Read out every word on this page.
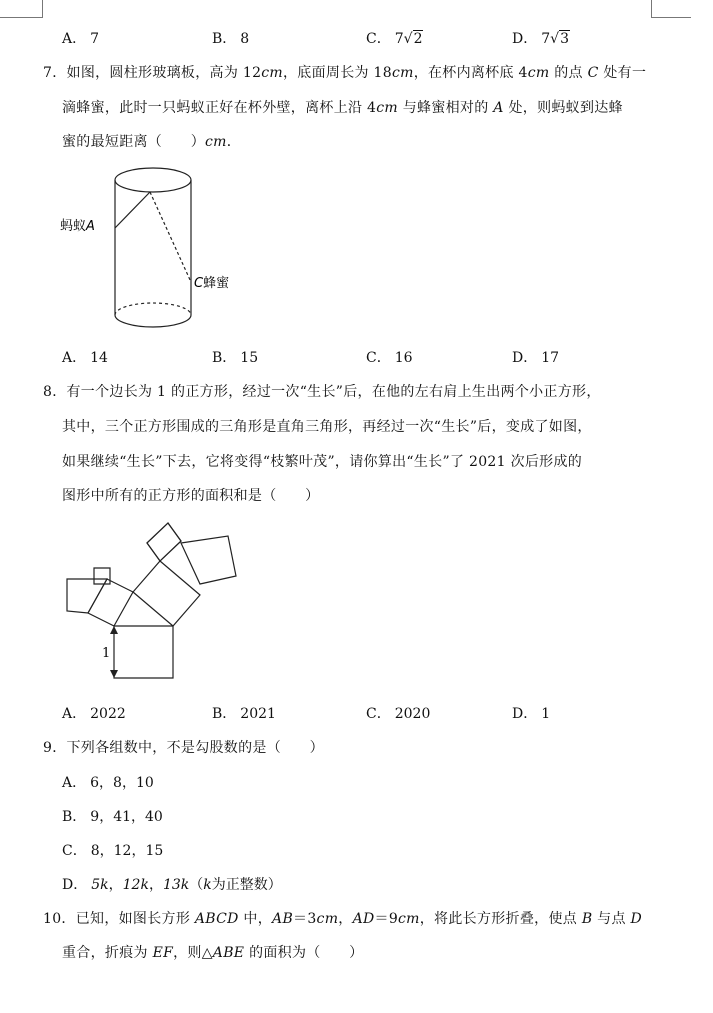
A． 7	B． 8	C． 7√2	D． 7√3
7．如图，圆柱形玻璃板，高为 12cm，底面周长为 18cm，在杯内离杯底 4cm 的点 C 处有一
滴蜂蜜，此时一只蚂蚁正好在杯外壁，离杯上沿 4cm 与蜂蜜相对的 A 处，则蚂蚁到达蜂
蜜的最短距离（　　）cm．
蚂蚁A
C蜂蜜
A． 14	B． 15	C． 16	D． 17
8．有一个边长为 1 的正方形，经过一次“生长”后，在他的左右肩上生出两个小正方形，
其中，三个正方形围成的三角形是直角三角形，再经过一次“生长”后，变成了如图，
如果继续“生长”下去，它将变得“枝繁叶茂”，请你算出“生长”了 2021 次后形成的
图形中所有的正方形的面积和是（　　）
1
A． 2022	B． 2021	C． 2020	D． 1
9．下列各组数中，不是勾股数的是（　　）
A． 6，8，10
B． 9，41，40
C． 8，12，15
D． 5k，12k，13k（k为正整数）
10．已知，如图长方形 ABCD 中，AB＝3cm，AD＝9cm，将此长方形折叠，使点 B 与点 D
重合，折痕为 EF，则△ABE 的面积为（　　）
